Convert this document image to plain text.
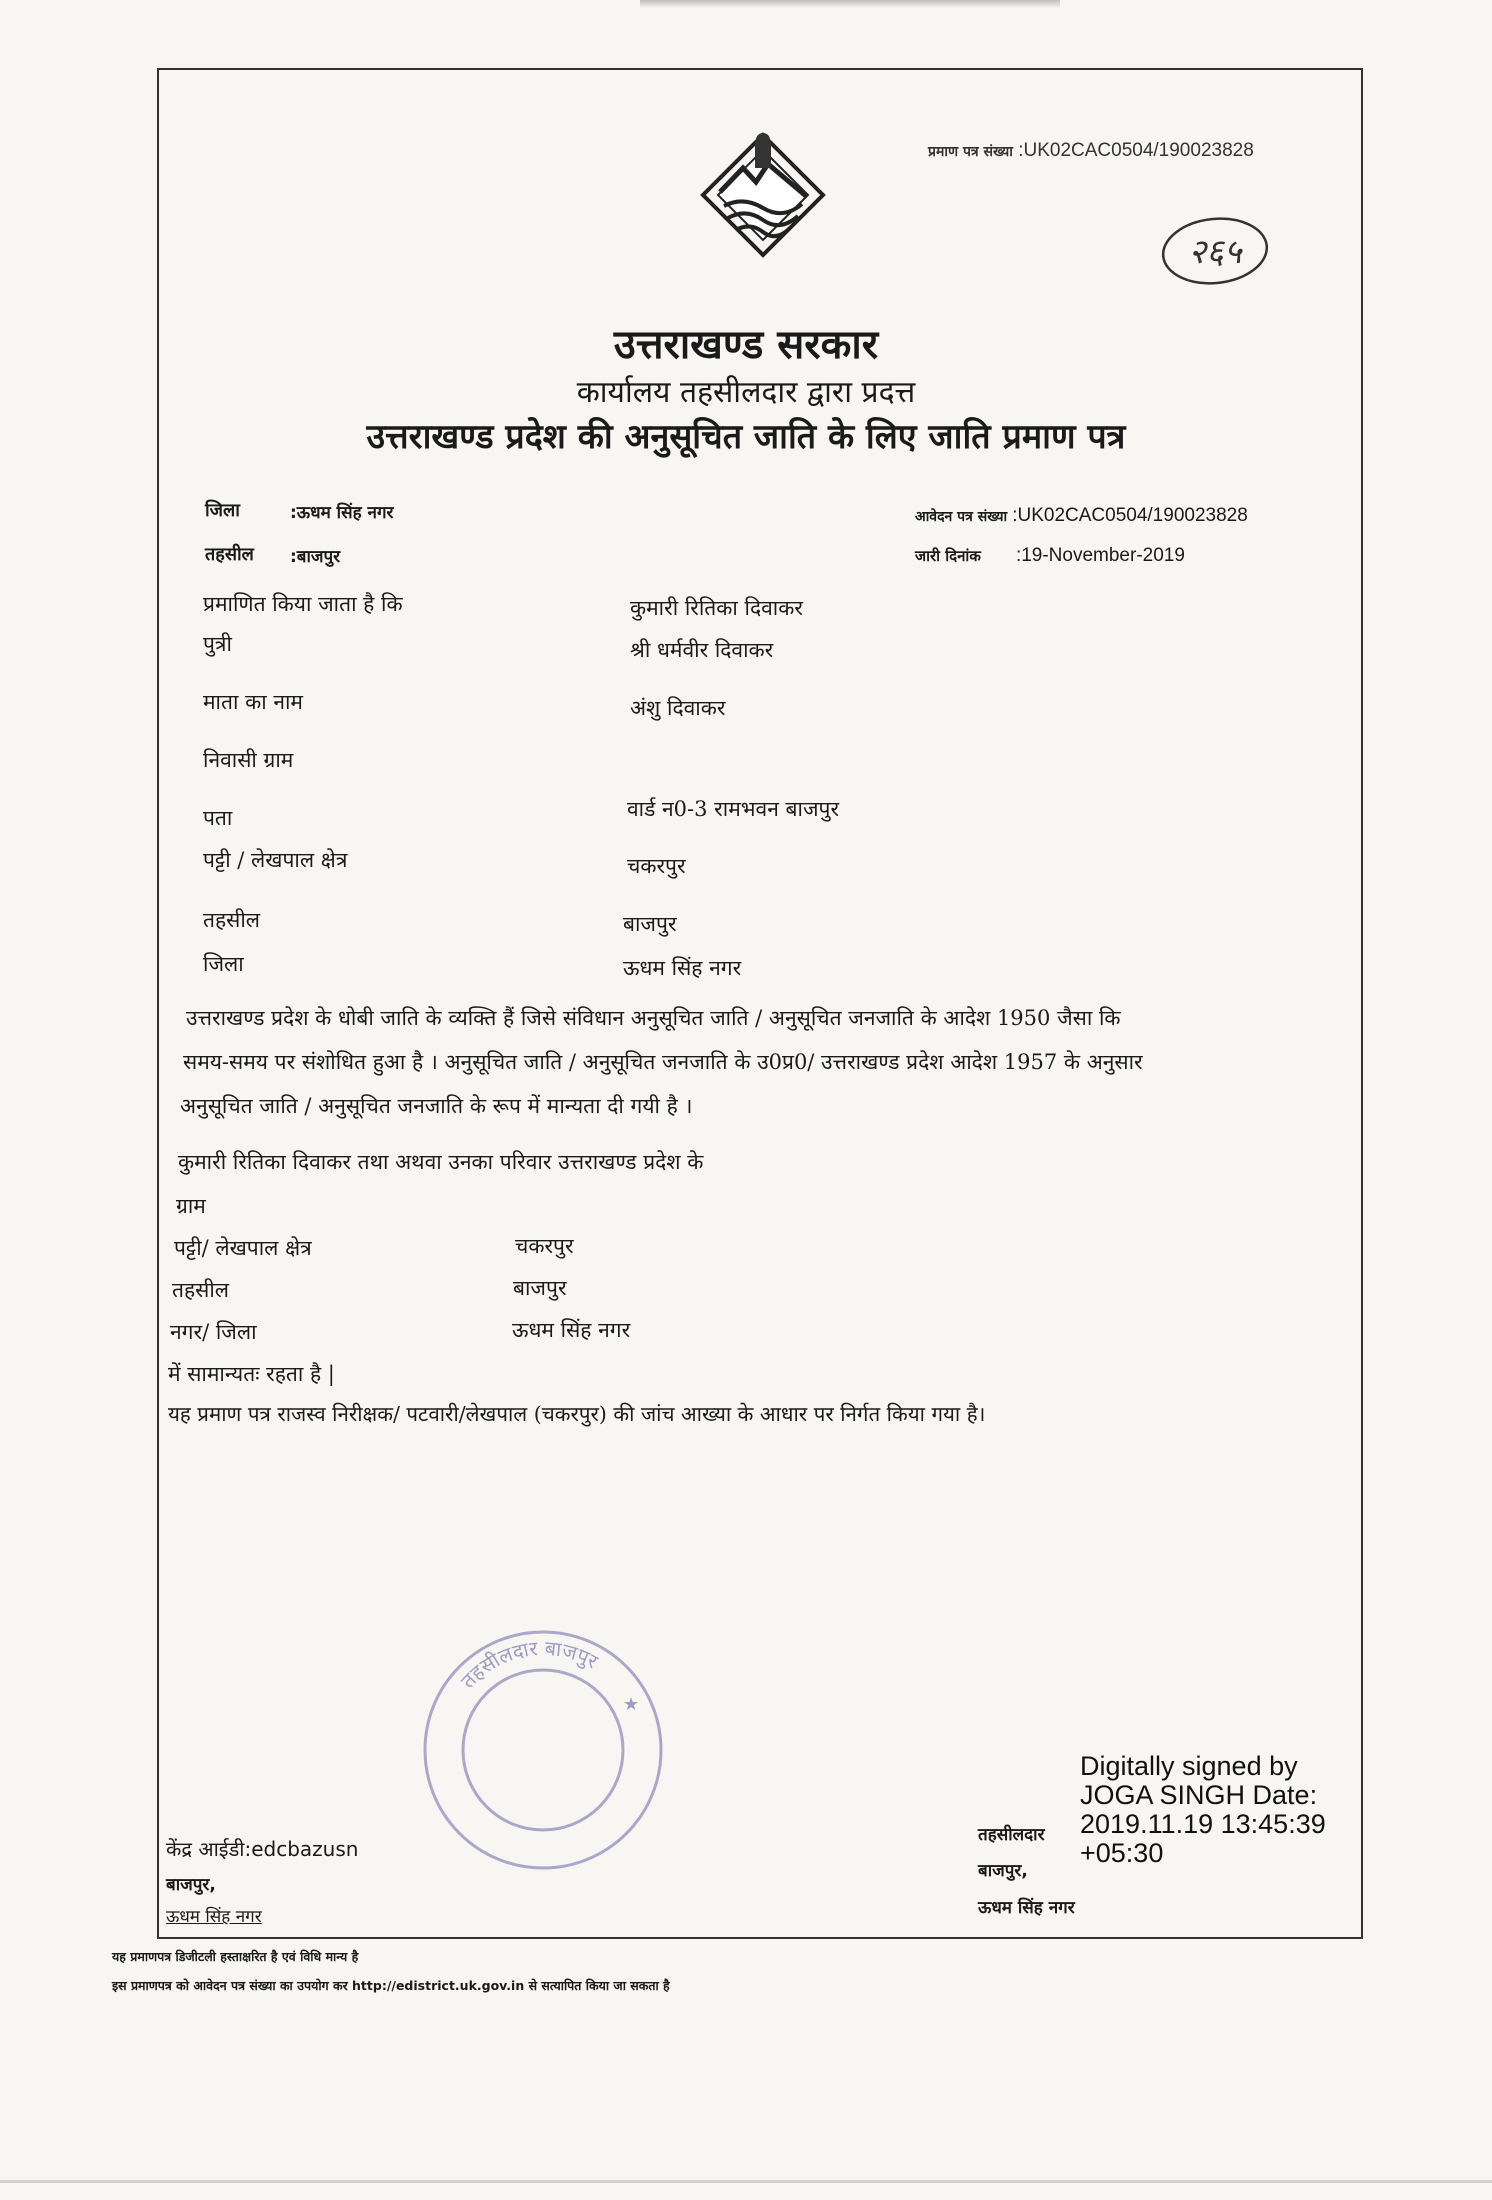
प्रमाण पत्र संख्या :UK02CAC0504/190023828
२६५
उत्तराखण्ड सरकार
कार्यालय तहसीलदार द्वारा प्रदत्त
उत्तराखण्ड प्रदेश की अनुसूचित जाति के लिए जाति प्रमाण पत्र
जिला	:ऊधम सिंह नगर
तहसील :बाजपुर
आवेदन पत्र संख्या :UK02CAC0504/190023828
जारी दिनांक :19-November-2019
प्रमाणित किया जाता है कि	कुमारी रितिका दिवाकर
पुत्री	श्री धर्मवीर दिवाकर
माता का नाम	अंशु दिवाकर
निवासी ग्राम
पता	वार्ड न0-3 रामभवन बाजपुर
पट्टी / लेखपाल क्षेत्र	चकरपुर
तहसील	बाजपुर
जिला	ऊधम सिंह नगर
उत्तराखण्ड प्रदेश के धोबी जाति के व्यक्ति हैं जिसे संविधान अनुसूचित जाति / अनुसूचित जनजाति के आदेश 1950 जैसा कि
समय-समय पर संशोधित हुआ है । अनुसूचित जाति / अनुसूचित जनजाति के उ0प्र0/ उत्तराखण्ड प्रदेश आदेश 1957 के अनुसार
अनुसूचित जाति / अनुसूचित जनजाति के रूप में मान्यता दी गयी है ।
कुमारी रितिका दिवाकर तथा अथवा उनका परिवार उत्तराखण्ड प्रदेश के
ग्राम
पट्टी/ लेखपाल क्षेत्र	चकरपुर
तहसील	बाजपुर
नगर/ जिला	ऊधम सिंह नगर
में सामान्यतः रहता है |
यह प्रमाण पत्र राजस्व निरीक्षक/ पटवारी/लेखपाल (चकरपुर) की जांच आख्या के आधार पर निर्गत किया गया है।
तहसीलदार बाजपुर
★
केंद्र आईडी:edcbazusn
बाजपुर,
ऊधम सिंह नगर
Digitally signed by JOGA SINGH Date: 2019.11.19 13:45:39 +05:30
तहसीलदार
बाजपुर,
ऊधम सिंह नगर
यह प्रमाणपत्र डिजीटली हस्ताक्षरित है एवं विधि मान्य है
इस प्रमाणपत्र को आवेदन पत्र संख्या का उपयोग कर http://edistrict.uk.gov.in से सत्यापित किया जा सकता है
